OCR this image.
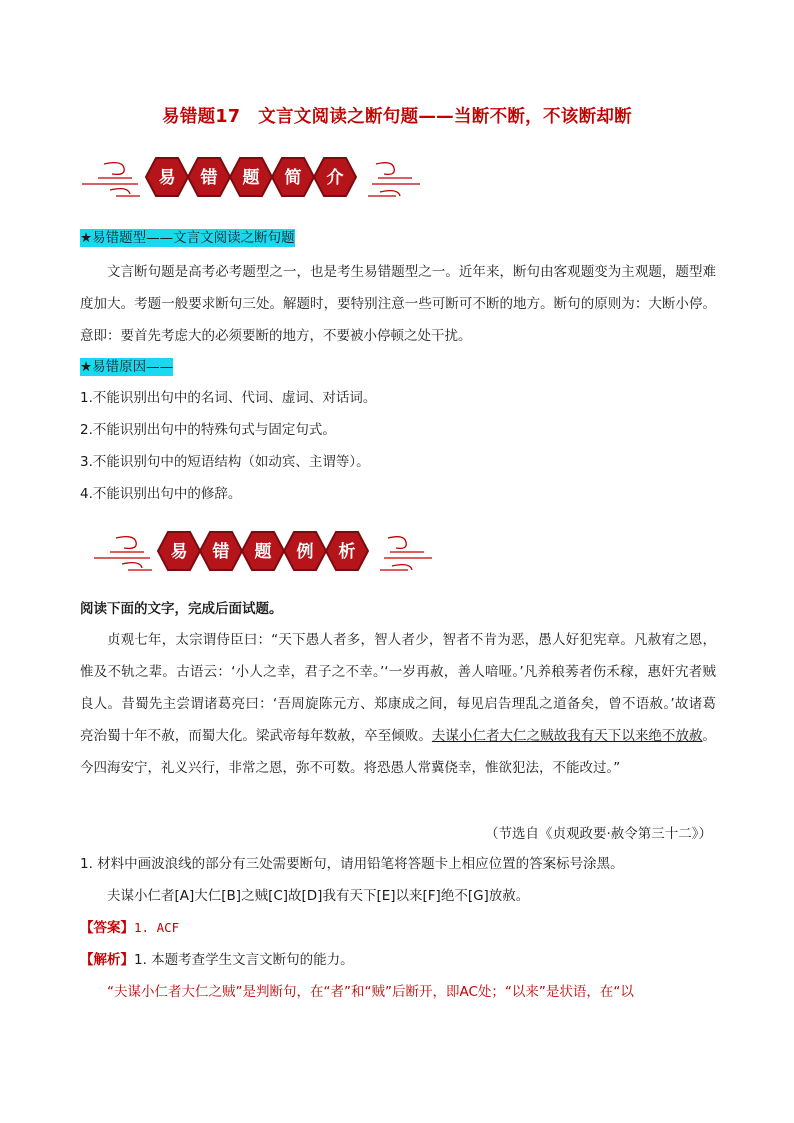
易错题17　文言文阅读之断句题——当断不断，不该断却断
易	错	题	简	介
★易错题型——文言文阅读之断句题
文言断句题是高考必考题型之一，也是考生易错题型之一。近年来，断句由客观题变为主观题，题型难度加大。考题一般要求断句三处。解题时，要特别注意一些可断可不断的地方。断句的原则为：大断小停。意即：要首先考虑大的必须要断的地方，不要被小停顿之处干扰。
★易错原因——
1.不能识别出句中的名词、代词、虚词、对话词。
2.不能识别出句中的特殊句式与固定句式。
3.不能识别句中的短语结构（如动宾、主谓等）。
4.不能识别出句中的修辞。
易	错	题	例	析
阅读下面的文字，完成后面试题。
贞观七年，太宗谓侍臣曰：“天下愚人者多，智人者少，智者不肯为恶，愚人好犯宪章。凡赦宥之恩，惟及不轨之辈。古语云：‘小人之幸，君子之不幸。’‘一岁再赦，善人喑哑。’凡养稂莠者伤禾稼，惠奸宄者贼良人。昔蜀先主尝谓诸葛亮曰：‘吾周旋陈元方、郑康成之间，每见启告理乱之道备矣，曾不语赦。’故诸葛亮治蜀十年不赦，而蜀大化。梁武帝每年数赦，卒至倾败。夫谋小仁者大仁之贼故我有天下以来绝不放赦。今四海安宁，礼义兴行，非常之恩，弥不可数。将恐愚人常冀侥幸，惟欲犯法，不能改过。”
（节选自《贞观政要·赦令第三十二》）
1. 材料中画波浪线的部分有三处需要断句，请用铅笔将答题卡上相应位置的答案标号涂黑。
夫谋小仁者[A]大仁[B]之贼[C]故[D]我有天下[E]以来[F]绝不[G]放赦。
【答案】1. ACF
【解析】1. 本题考查学生文言文断句的能力。
“夫谋小仁者大仁之贼”是判断句，在“者”和“贼”后断开，即AC处；“以来”是状语，在“以
